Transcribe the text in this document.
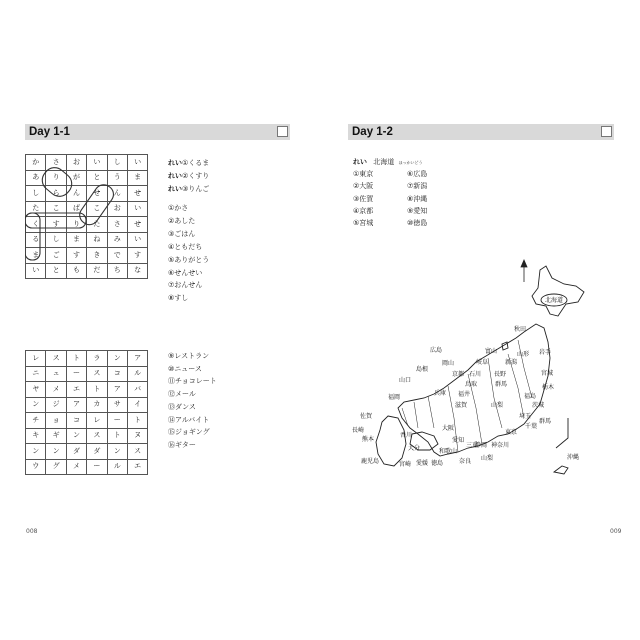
Day 1-1
か	さ	お	い	し	い
あ	り	が	と	う	ま
し	ら	ん	せ	ん	せ
た	こ	ば	こ	お	い
く	す	り	た	さ	せ
る	し	ま	ね	み	い
ま	ご	す	き	で	す
い	と	も	だ	ち	な
れい①くるま
れい②くすり
れい③りんご
①かさ
②あした
③ごはん
④ともだち
⑤ありがとう
⑥せんせい
⑦おんせん
⑧すし
レ	ス	ト	ラ	ン	ア
ニ	ュ	ー	ス	コ	ル
ヤ	メ	エ	ト	ア	バ
ン	ジ	ア	カ	サ	イ
チ	ョ	コ	レ	ー	ト
キ	ギ	ン	ス	ト	ヌ
ン	ン	ダ	ダ	ン	ス
ウ	グ	メ	ー	ル	エ
⑨レストラン
⑩ニュース
⑪チョコレート
⑫メール
⑬ダンス
⑭アルバイト
⑮ジョギング
⑯ギター
008
Day 1-2
れい 北海道 ほっかいどう
①東京	⑥広島
②大阪	⑦新潟
③佐賀	⑧沖縄
④京都	⑨愛知
⑤宮城	⑩徳島
北海道
秋田
岩手
山形
富山
岐阜	新潟
宮城
広島
岡山
京都 石川 長野
島根
鳥取	栃木
山口
福井
群馬
福島
兵庫
滋賀	山梨	茨城
福岡
埼玉
群馬
佐賀
三重
千葉
長崎
熊本
香川
大阪
東京
愛知
神奈川
大分	和歌山
静岡
沖縄
鹿児島	宮崎 愛媛 徳島	奈良 山梨
009
